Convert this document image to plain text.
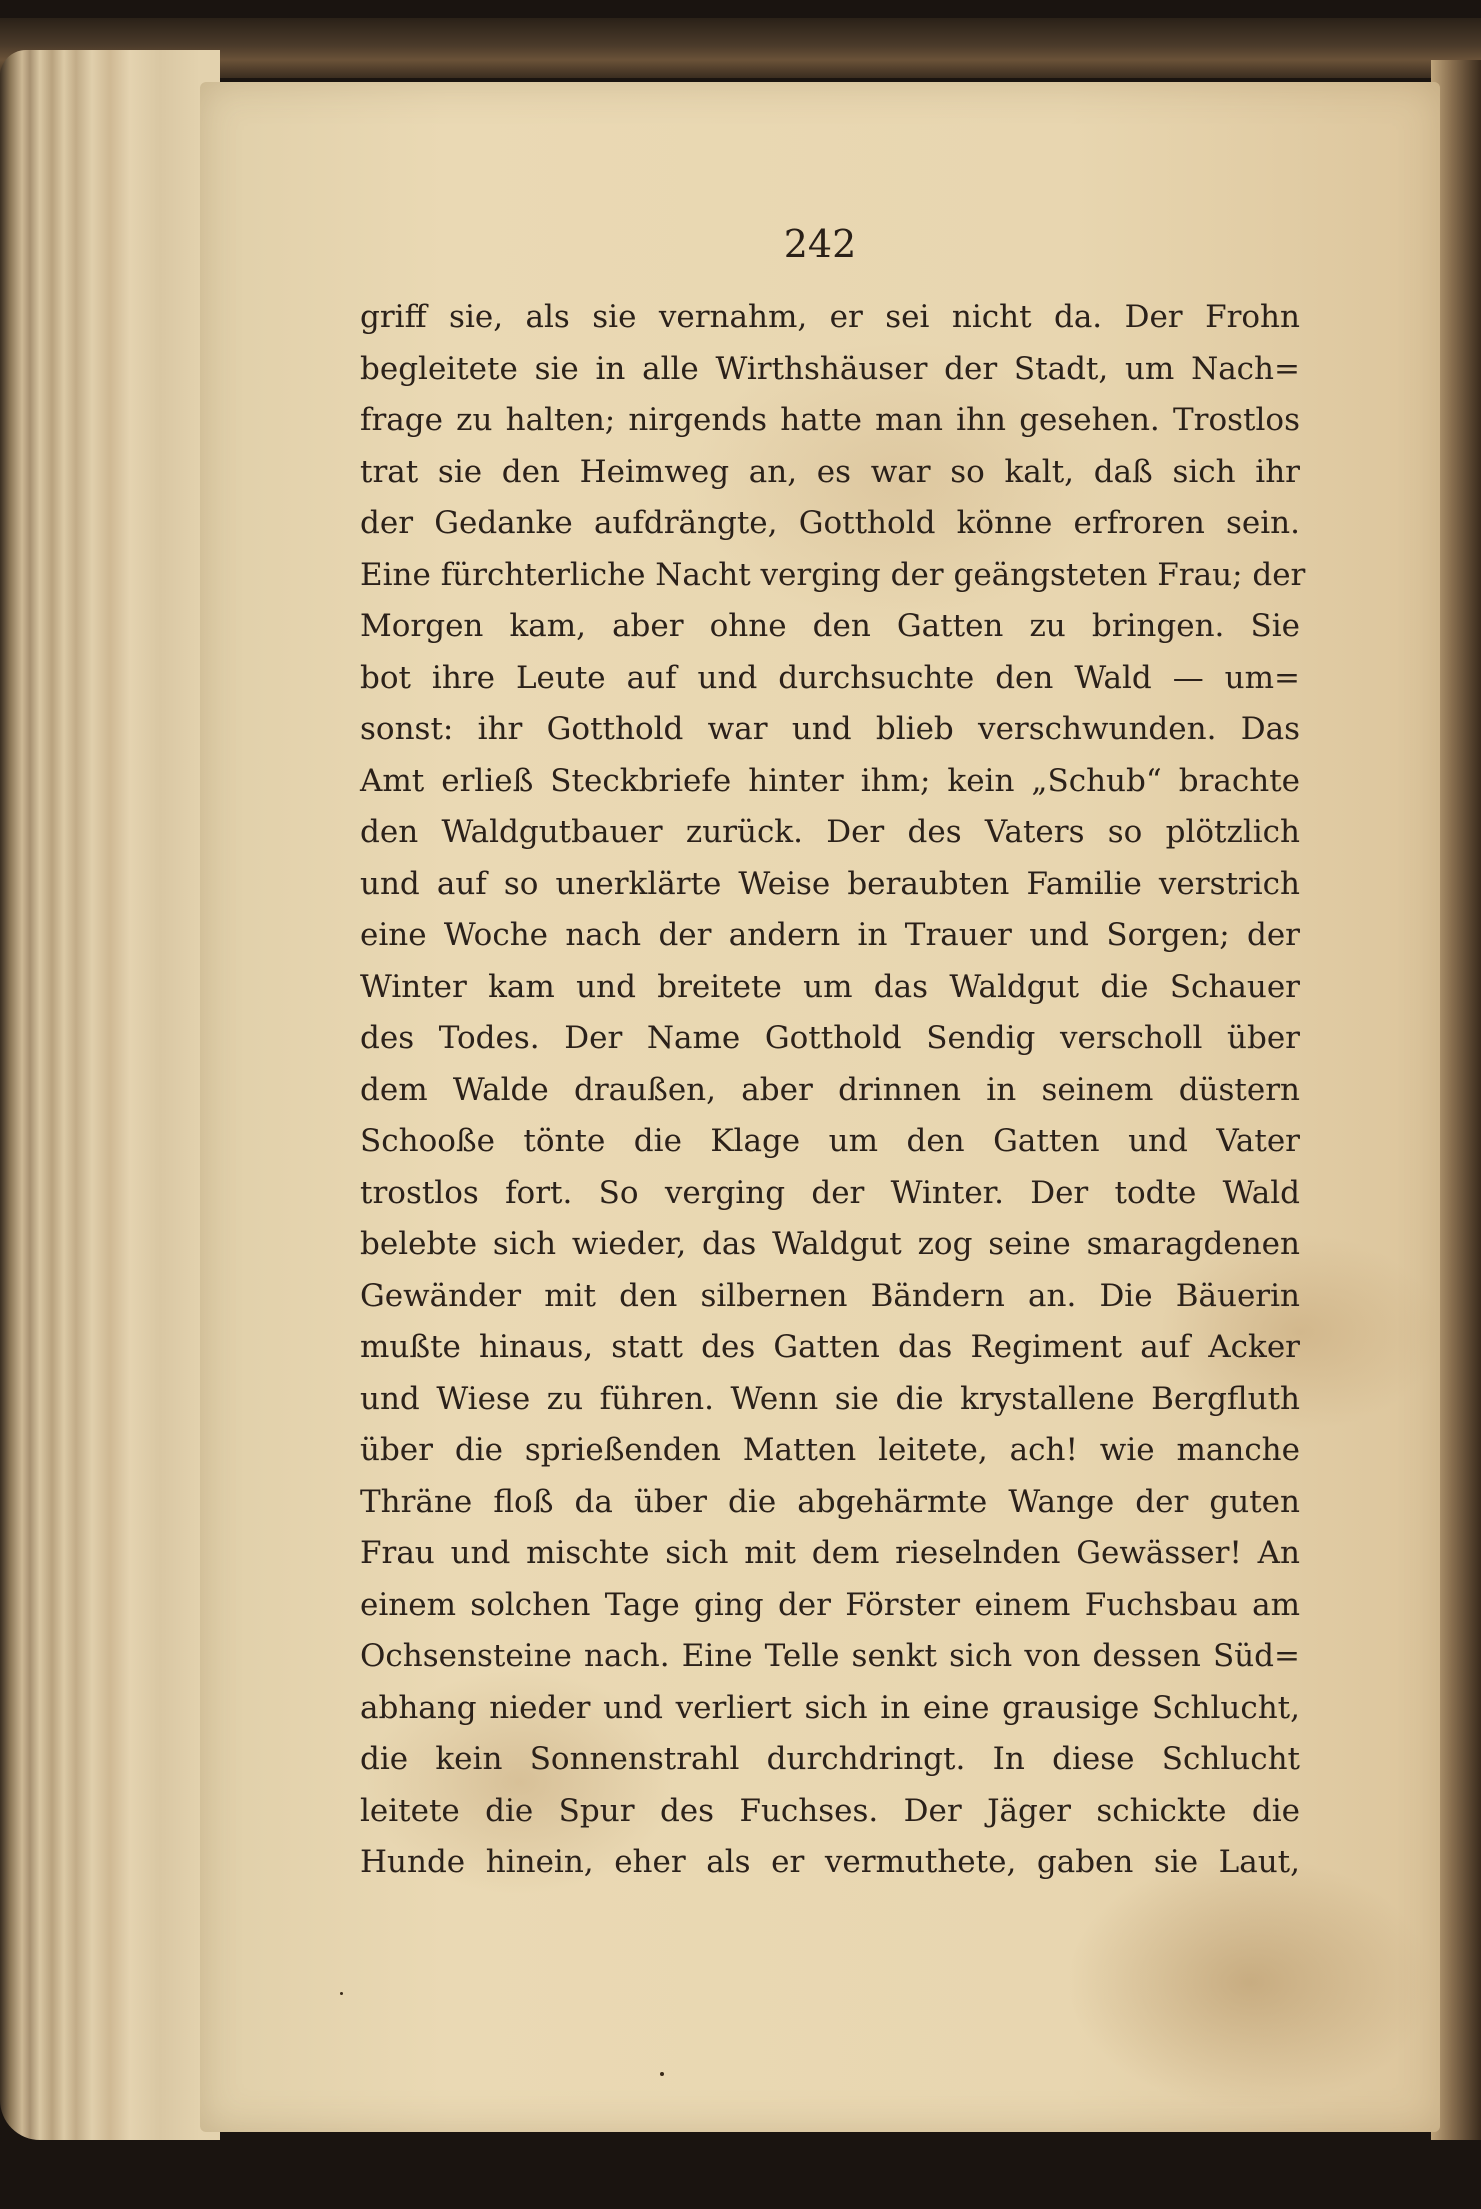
242
griff sie, als sie vernahm, er sei nicht da. Der Frohn
begleitete sie in alle Wirthshäuser der Stadt, um Nach=
frage zu halten; nirgends hatte man ihn gesehen. Trostlos
trat sie den Heimweg an, es war so kalt, daß sich ihr
der Gedanke aufdrängte, Gotthold könne erfroren sein.
Eine fürchterliche Nacht verging der geängsteten Frau; der
Morgen kam, aber ohne den Gatten zu bringen. Sie
bot ihre Leute auf und durchsuchte den Wald — um=
sonst: ihr Gotthold war und blieb verschwunden. Das
Amt erließ Steckbriefe hinter ihm; kein „Schub“ brachte
den Waldgutbauer zurück. Der des Vaters so plötzlich
und auf so unerklärte Weise beraubten Familie verstrich
eine Woche nach der andern in Trauer und Sorgen; der
Winter kam und breitete um das Waldgut die Schauer
des Todes. Der Name Gotthold Sendig verscholl über
dem Walde draußen, aber drinnen in seinem düstern
Schooße tönte die Klage um den Gatten und Vater
trostlos fort. So verging der Winter. Der todte Wald
belebte sich wieder, das Waldgut zog seine smaragdenen
Gewänder mit den silbernen Bändern an. Die Bäuerin
mußte hinaus, statt des Gatten das Regiment auf Acker
und Wiese zu führen. Wenn sie die krystallene Bergfluth
über die sprießenden Matten leitete, ach! wie manche
Thräne floß da über die abgehärmte Wange der guten
Frau und mischte sich mit dem rieselnden Gewässer! An
einem solchen Tage ging der Förster einem Fuchsbau am
Ochsensteine nach. Eine Telle senkt sich von dessen Süd=
abhang nieder und verliert sich in eine grausige Schlucht,
die kein Sonnenstrahl durchdringt. In diese Schlucht
leitete die Spur des Fuchses. Der Jäger schickte die
Hunde hinein, eher als er vermuthete, gaben sie Laut,
